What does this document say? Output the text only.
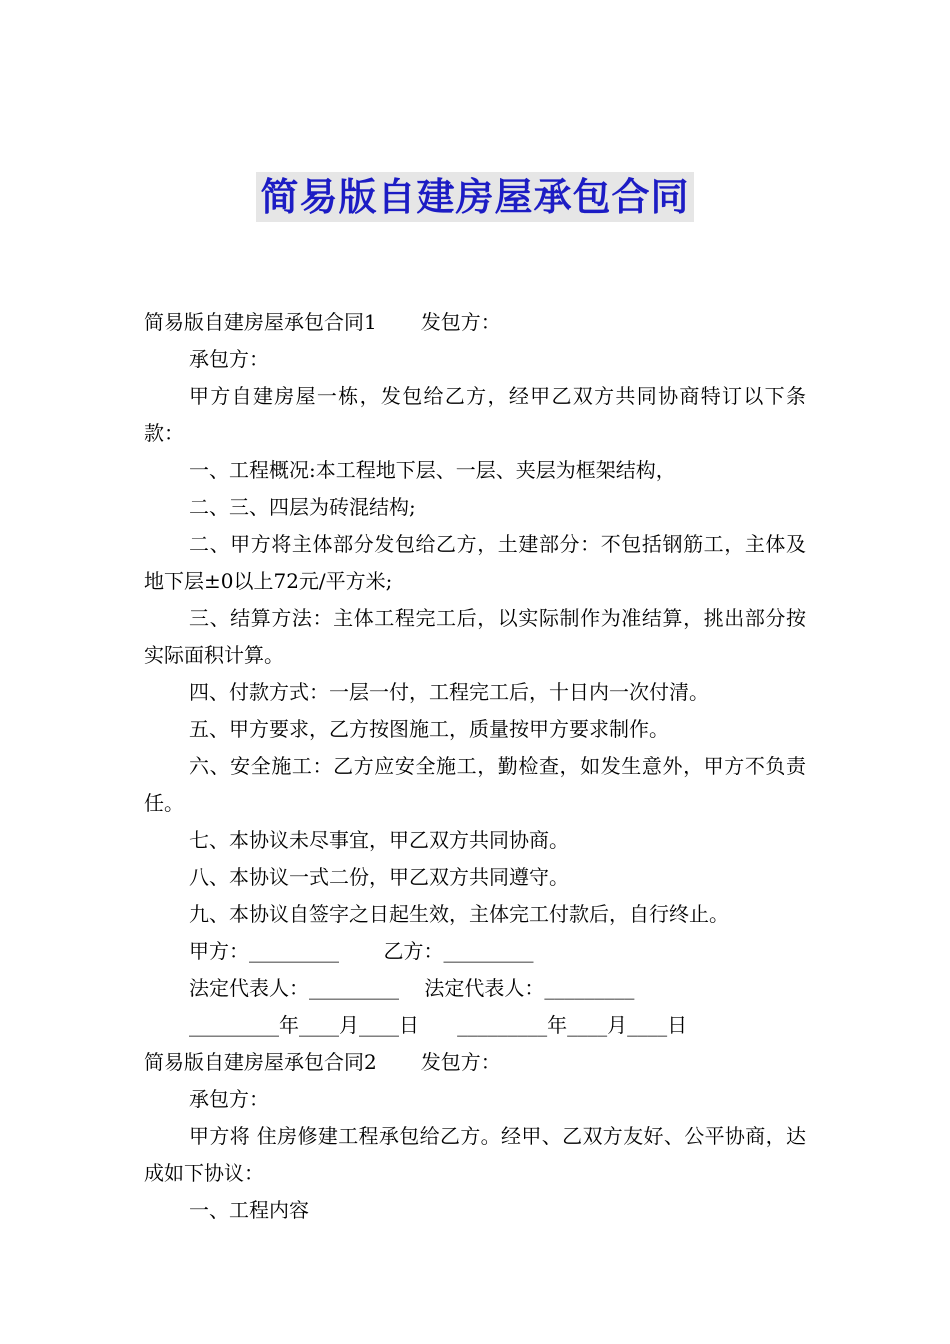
简易版自建房屋承包合同

简易版自建房屋承包合同1 发包方：

承包方：

甲方自建房屋一栋，发包给乙方，经甲乙双方共同协商特订以下条款：

一、工程概况:本工程地下层、一层、夹层为框架结构，

二、三、四层为砖混结构;

二、甲方将主体部分发包给乙方，土建部分：不包括钢筋工，主体及地下层±0以上72元/平方米;

三、结算方法：主体工程完工后，以实际制作为准结算，挑出部分按实际面积计算。

四、付款方式：一层一付，工程完工后，十日内一次付清。

五、甲方要求，乙方按图施工，质量按甲方要求制作。

六、安全施工：乙方应安全施工，勤检查，如发生意外，甲方不负责任。

七、本协议未尽事宜，甲乙双方共同协商。

八、本协议一式二份，甲乙双方共同遵守。

九、本协议自签字之日起生效，主体完工付款后，自行终止。

甲方：_________       乙方：_________

法定代表人：_________    法定代表人：_________

_________年____月____日      _________年____月____日

简易版自建房屋承包合同2 发包方：

承包方：

甲方将 住房修建工程承包给乙方。经甲、乙双方友好、公平协商，达成如下协议：

一、工程内容
